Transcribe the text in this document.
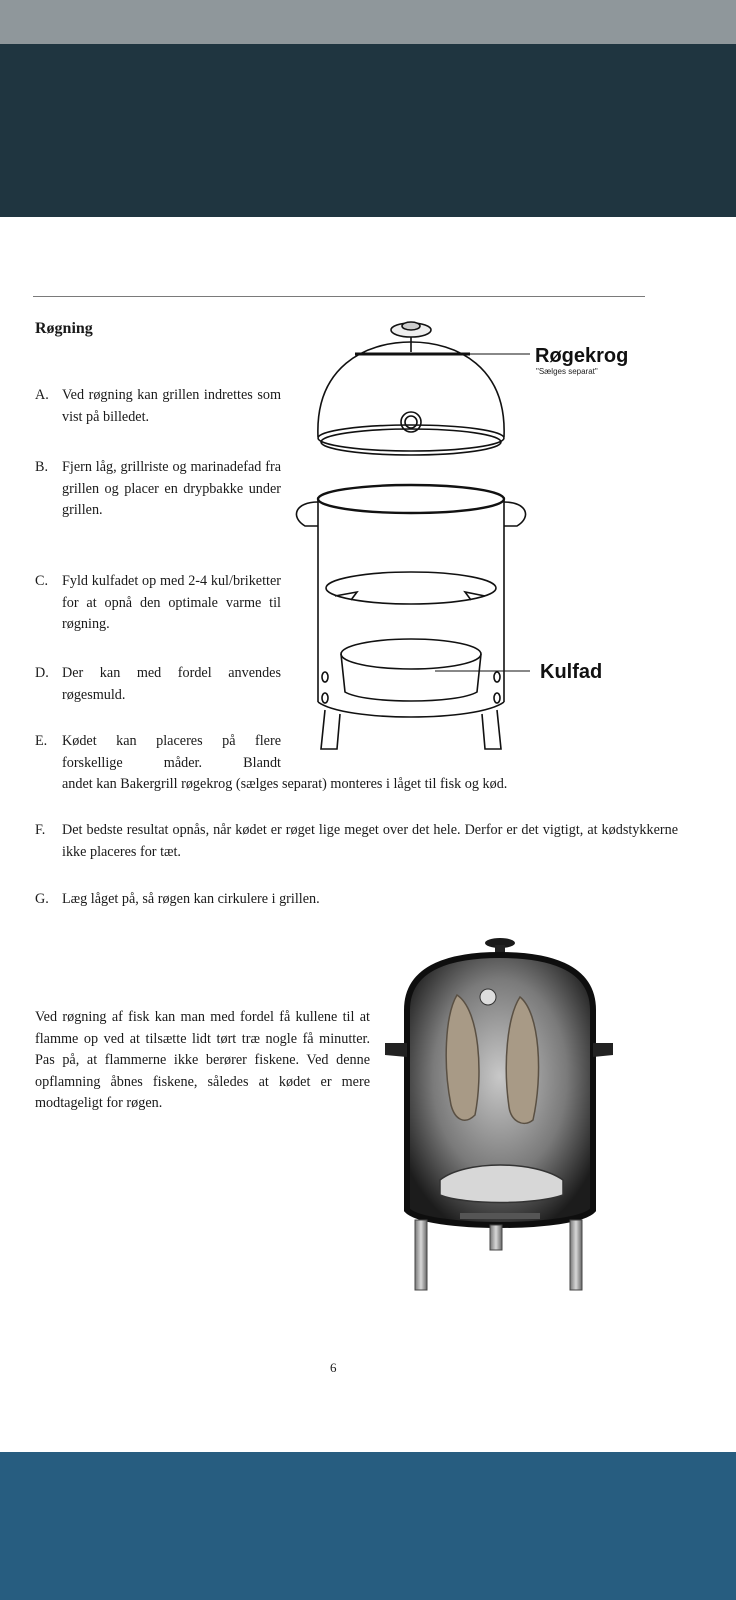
Røgning
A. Ved røgning kan grillen indrettes som vist på billedet.
B. Fjern låg, grillriste og marinadefad fra grillen og placer en drypbakke under grillen.
C. Fyld kulfadet op med 2-4 kul/briketter for at opnå den optimale varme til røgning.
D. Der kan med fordel anvendes røgesmuld.
E. Kødet kan placeres på flere forskellige måder. Blandt
andet kan Bakergrill røgekrog (sælges separat) monteres i låget til fisk og kød.
F. Det bedste resultat opnås, når kødet er røget lige meget over det hele. Derfor er det vigtigt, at kødstykkerne ikke placeres for tæt.
G. Læg låget på, så røgen kan cirkulere i grillen.
Røgekrog
"Sælges separat"
Kulfad
Ved røgning af fisk kan man med fordel få kullene til at flamme op ved at tilsætte lidt tørt træ nogle få minutter. Pas på, at flammerne ikke berører fiskene. Ved denne opflamning åbnes fiskene, således at kødet er mere modtageligt for røgen.
6
